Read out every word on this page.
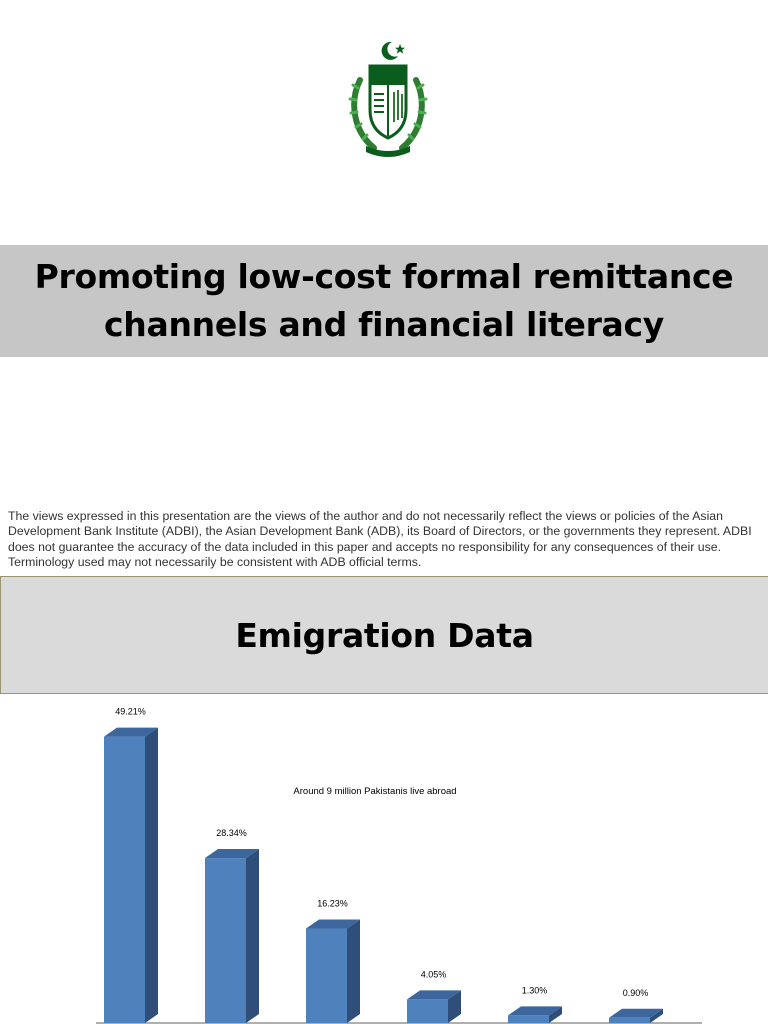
Promoting low-cost formal remittance channels and financial literacy

The views expressed in this presentation are the views of the author and do not necessarily reflect the views or policies of the Asian Development Bank Institute (ADBI), the Asian Development Bank (ADB), its Board of Directors, or the governments they represent. ADBI does not guarantee the accuracy of the data included in this paper and accepts no responsibility for any consequences of their use. Terminology used may not necessarily be consistent with ADB official terms.

Emigration Data
49.21%
28.34%
16.23%
4.05%
1.30%	0.90%
Around 9 million Pakistanis live abroad
